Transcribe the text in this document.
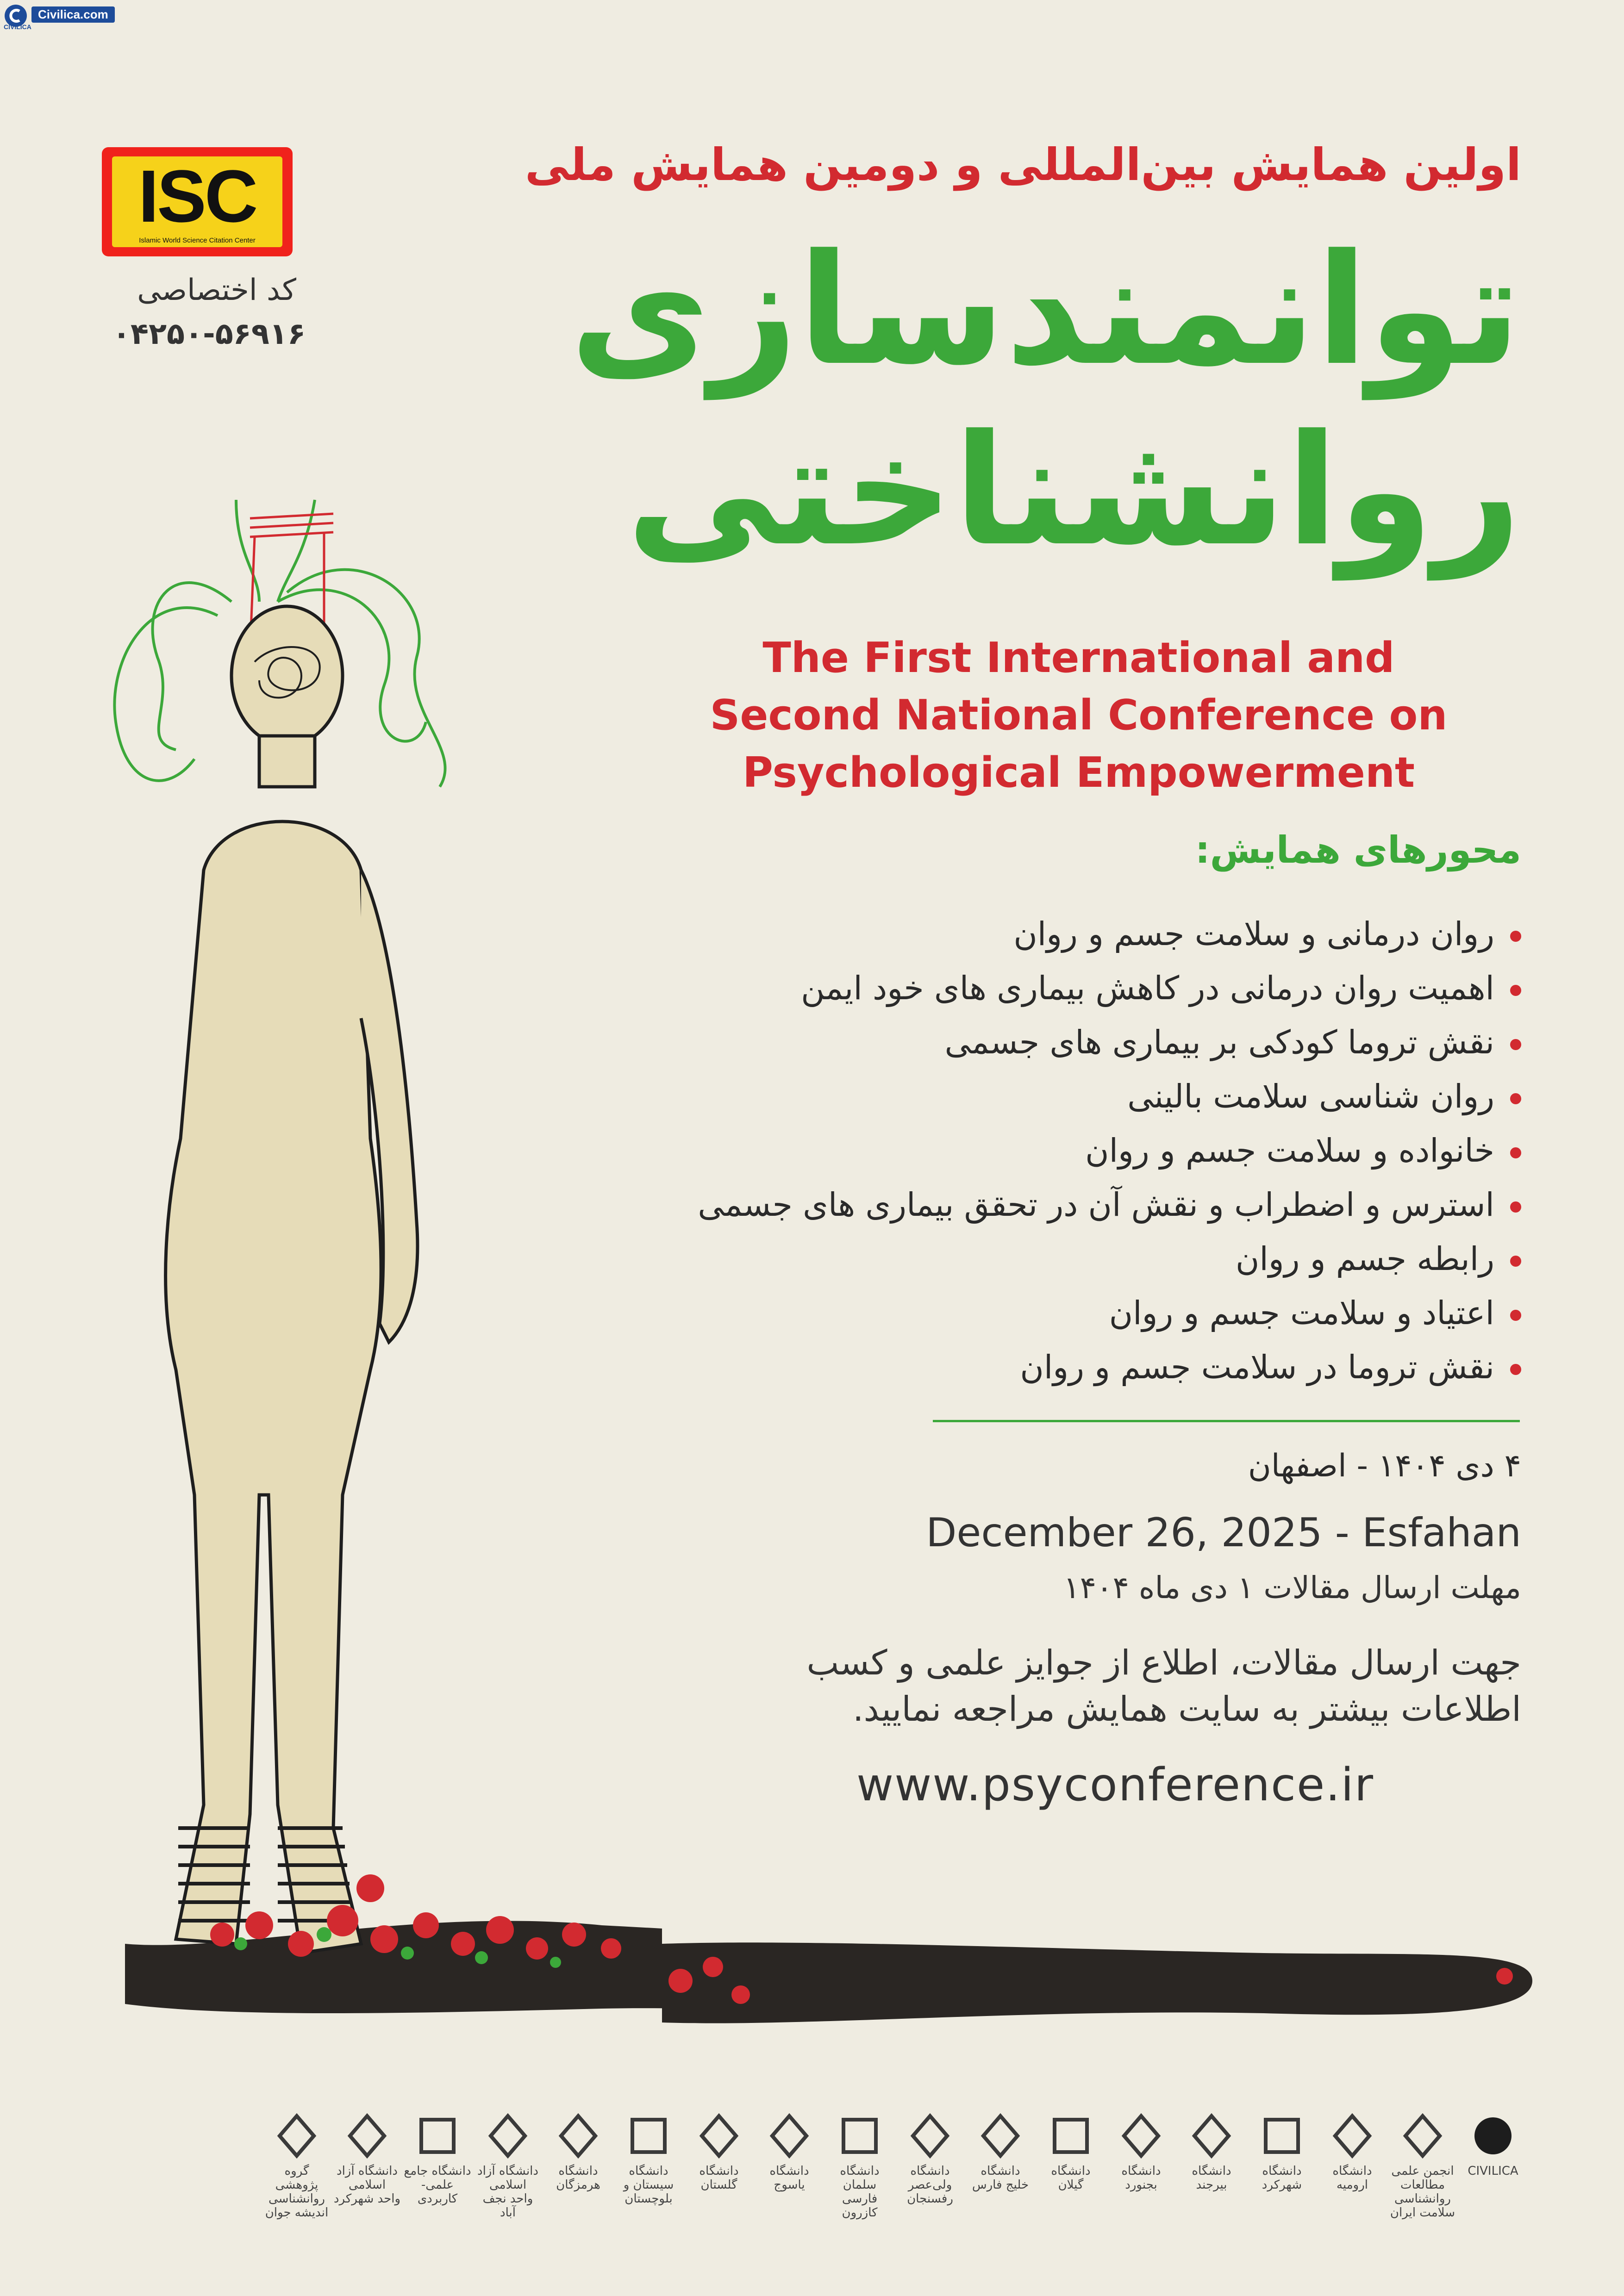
Civilica.com
CIVILICA
ISC
Islamic World Science Citation Center
کد اختصاصی
۰۴۲۵۰-۵۶۹۱۶
اولین همایش بین‌المللی و دومین همایش ملی
توانمندسازی
روانشناختی
The First International and
Second National Conference on
Psychological Empowerment
محورهای همایش:
روان درمانی و سلامت جسم و روان
اهمیت روان درمانی در کاهش بیماری های خود ایمن
نقش تروما کودکی بر بیماری های جسمی
روان شناسی سلامت بالینی
خانواده و سلامت جسم و روان
استرس و اضطراب و نقش آن در تحقق بیماری های جسمی
رابطه جسم و روان
اعتیاد و سلامت جسم و روان
نقش تروما در سلامت جسم و روان
۴ دی ۱۴۰۴ - اصفهان
December 26, 2025 - Esfahan
مهلت ارسال مقالات ۱ دی ماه ۱۴۰۴
جهت ارسال مقالات، اطلاع از جوایز علمی و کسب
اطلاعات بیشتر به سایت همایش مراجعه نمایید.
www.psyconference.ir
CIVILICA
انجمن علمی مطالعات
روانشناسی سلامت ایران
دانشگاه
ارومیه
دانشگاه
شهرکرد
دانشگاه
بیرجند
دانشگاه
بجنورد
دانشگاه
گیلان
دانشگاه
خلیج فارس
دانشگاه
ولی‌عصر
رفسنجان
دانشگاه سلمان
فارسی کازرون
دانشگاه
یاسوج
دانشگاه
گلستان
دانشگاه
سیستان و
بلوچستان
دانشگاه
هرمزگان
دانشگاه آزاد اسلامی
واحد نجف آباد
دانشگاه جامع
علمی-کاربردی
دانشگاه آزاد اسلامی
واحد شهرکرد
گروه پژوهشی روانشناسی
اندیشه جوان
